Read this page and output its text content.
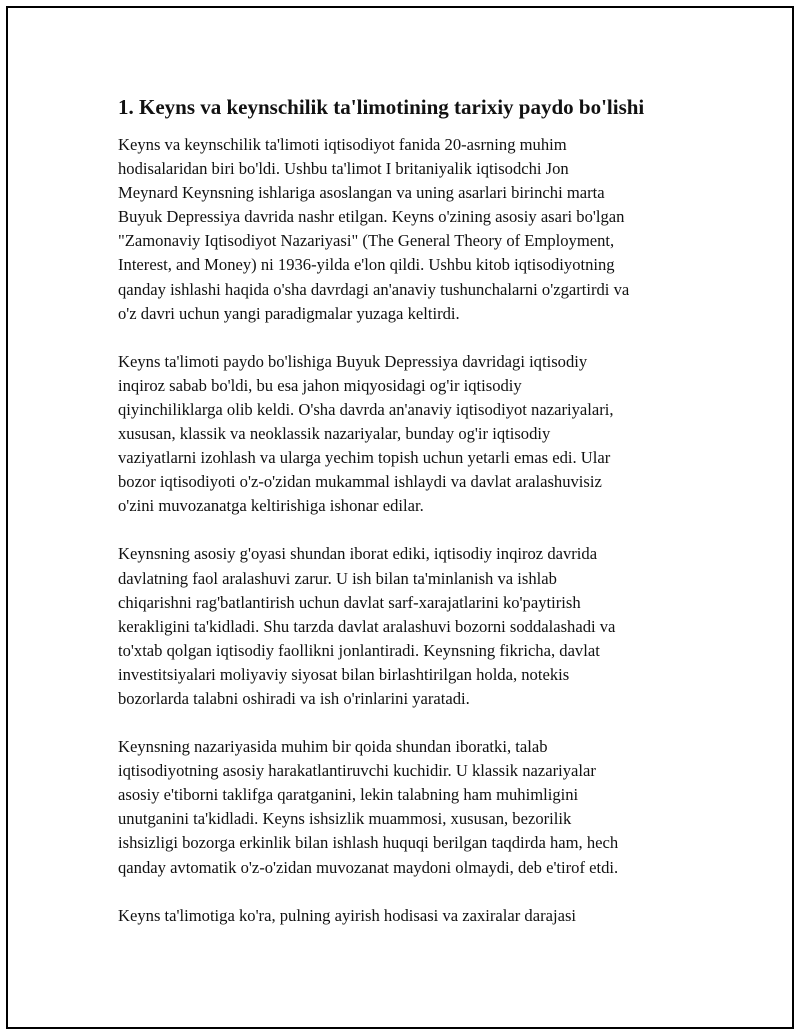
1. Keyns va keynschilik ta'limotining tarixiy paydo bo'lishi
Keyns va keynschilik ta'limoti iqtisodiyot fanida 20-asrning muhim
hodisalaridan biri bo'ldi. Ushbu ta'limot I britaniyalik iqtisodchi Jon
Meynard Keynsning ishlariga asoslangan va uning asarlari birinchi marta
Buyuk Depressiya davrida nashr etilgan. Keyns o'zining asosiy asari bo'lgan
"Zamonaviy Iqtisodiyot Nazariyasi" (The General Theory of Employment,
Interest, and Money) ni 1936-yilda e'lon qildi. Ushbu kitob iqtisodiyotning
qanday ishlashi haqida o'sha davrdagi an'anaviy tushunchalarni o'zgartirdi va
o'z davri uchun yangi paradigmalar yuzaga keltirdi.
Keyns ta'limoti paydo bo'lishiga Buyuk Depressiya davridagi iqtisodiy
inqiroz sabab bo'ldi, bu esa jahon miqyosidagi og'ir iqtisodiy
qiyinchiliklarga olib keldi. O'sha davrda an'anaviy iqtisodiyot nazariyalari,
xususan, klassik va neoklassik nazariyalar, bunday og'ir iqtisodiy
vaziyatlarni izohlash va ularga yechim topish uchun yetarli emas edi. Ular
bozor iqtisodiyoti o'z-o'zidan mukammal ishlaydi va davlat aralashuvisiz
o'zini muvozanatga keltirishiga ishonar edilar.
Keynsning asosiy g'oyasi shundan iborat ediki, iqtisodiy inqiroz davrida
davlatning faol aralashuvi zarur. U ish bilan ta'minlanish va ishlab
chiqarishni rag'batlantirish uchun davlat sarf-xarajatlarini ko'paytirish
kerakligini ta'kidladi. Shu tarzda davlat aralashuvi bozorni soddalashadi va
to'xtab qolgan iqtisodiy faollikni jonlantiradi. Keynsning fikricha, davlat
investitsiyalari moliyaviy siyosat bilan birlashtirilgan holda, notekis
bozorlarda talabni oshiradi va ish o'rinlarini yaratadi.
Keynsning nazariyasida muhim bir qoida shundan iboratki, talab
iqtisodiyotning asosiy harakatlantiruvchi kuchidir. U klassik nazariyalar
asosiy e'tiborni taklifga qaratganini, lekin talabning ham muhimligini
unutganini ta'kidladi. Keyns ishsizlik muammosi, xususan, bezorilik
ishsizligi bozorga erkinlik bilan ishlash huquqi berilgan taqdirda ham, hech
qanday avtomatik o'z-o'zidan muvozanat maydoni olmaydi, deb e'tirof etdi.
Keyns ta'limotiga ko'ra, pulning ayirish hodisasi va zaxiralar darajasi
